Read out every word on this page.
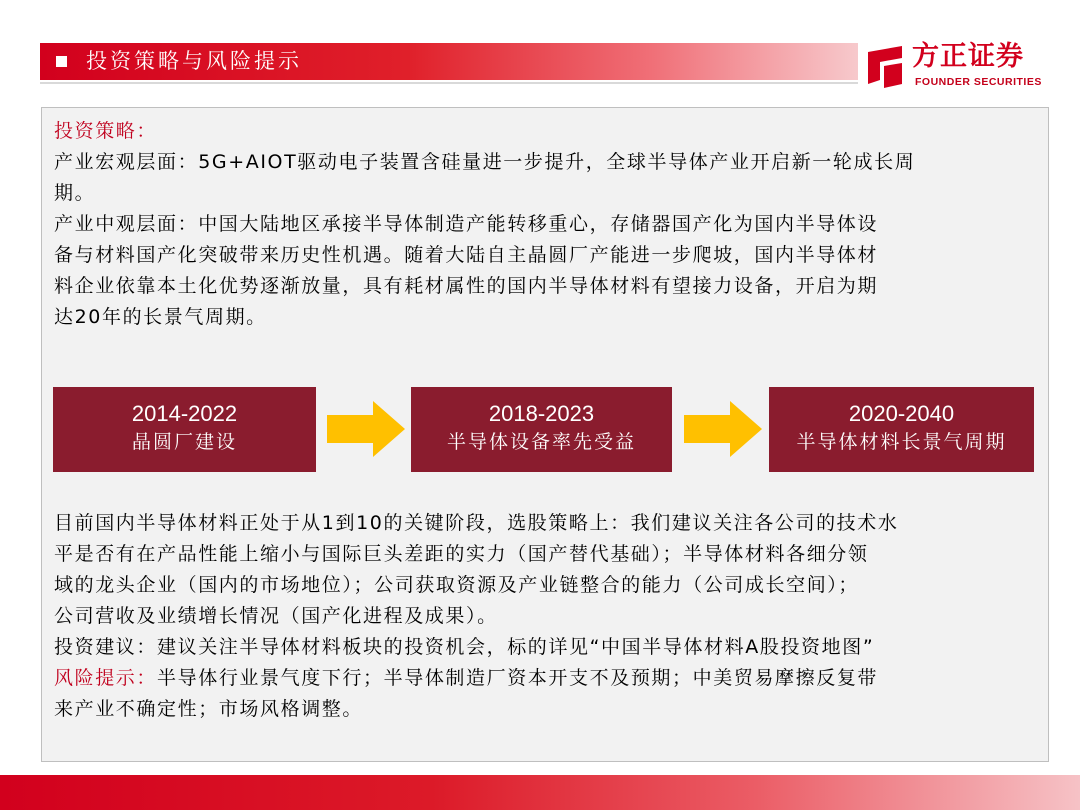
投资策略与风险提示	方正证券
FOUNDER SECURITIES
投资策略：
产业宏观层面：5G+AIOT驱动电子装置含硅量进一步提升，全球半导体产业开启新一轮成长周
期。
产业中观层面：中国大陆地区承接半导体制造产能转移重心，存储器国产化为国内半导体设
备与材料国产化突破带来历史性机遇。随着大陆自主晶圆厂产能进一步爬坡，国内半导体材
料企业依靠本土化优势逐渐放量，具有耗材属性的国内半导体材料有望接力设备，开启为期
达20年的长景气周期。
2014-2022
晶圆厂建设
2018-2023
半导体设备率先受益
2020-2040
半导体材料长景气周期
目前国内半导体材料正处于从1到10的关键阶段，选股策略上：我们建议关注各公司的技术水
平是否有在产品性能上缩小与国际巨头差距的实力（国产替代基础）；半导体材料各细分领
域的龙头企业（国内的市场地位）；公司获取资源及产业链整合的能力（公司成长空间）；
公司营收及业绩增长情况（国产化进程及成果）。
投资建议：建议关注半导体材料板块的投资机会，标的详见“中国半导体材料A股投资地图”
风险提示：半导体行业景气度下行；半导体制造厂资本开支不及预期；中美贸易摩擦反复带
来产业不确定性；市场风格调整。
